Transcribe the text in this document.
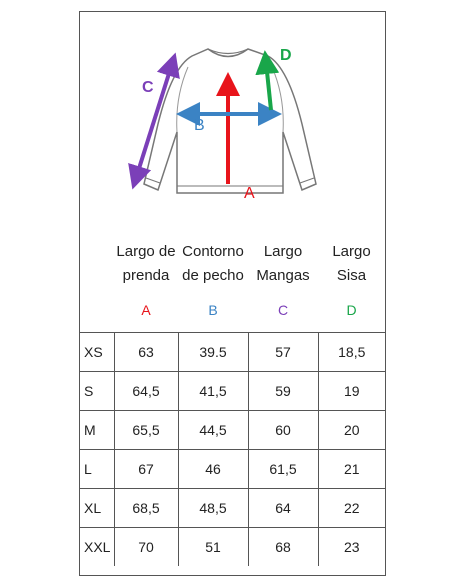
A
B
C
D
Largo de
prenda
Contorno
de pecho
Largo
Mangas
Largo
Sisa
A	B	C	D
XS	63	39.5	57	18,5
S	64,5	41,5	59	19
M	65,5	44,5	60	20
L	67	46	61,5	21
XL	68,5	48,5	64	22
XXL	70	51	68	23
